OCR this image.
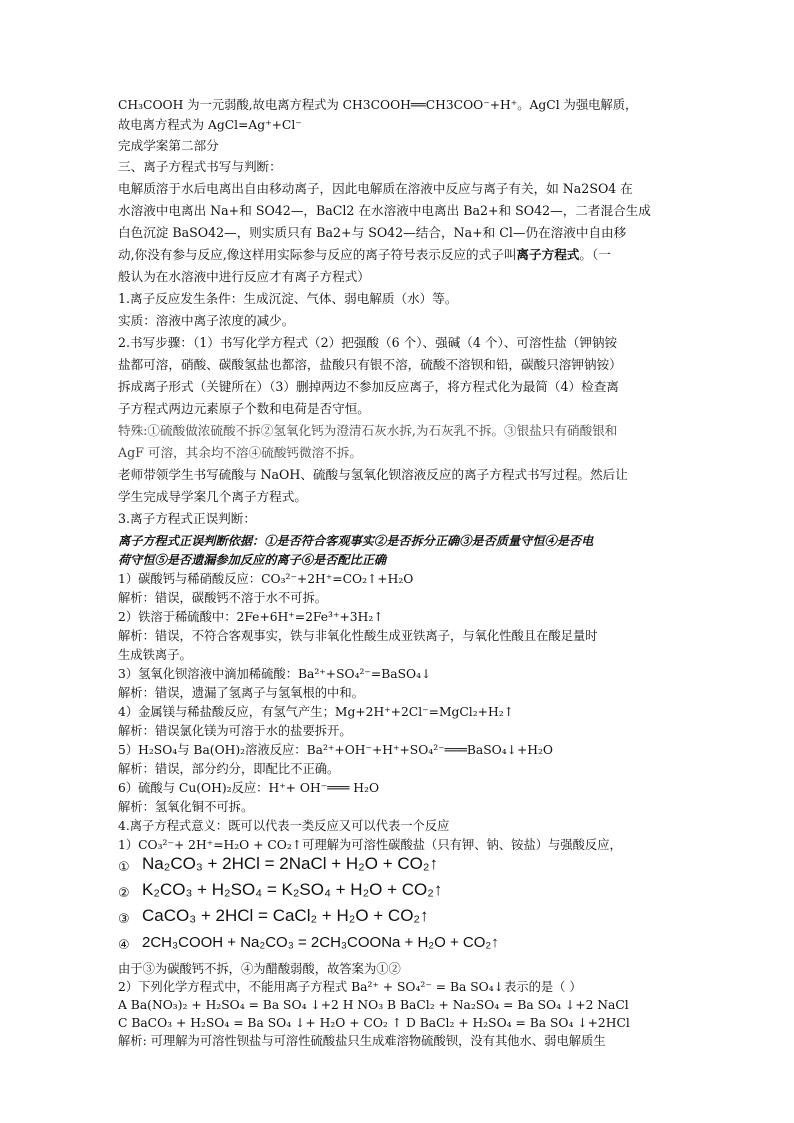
CH₃COOH 为一元弱酸,故电离方程式为 CH3COOH══CH3COO⁻+H⁺。AgCl 为强电解质，
故电离方程式为 AgCl=Ag⁺+Cl⁻
完成学案第二部分
三、离子方程式书写与判断：
电解质溶于水后电离出自由移动离子，因此电解质在溶液中反应与离子有关，如 Na2SO4 在
水溶液中电离出 Na+和 SO42—，BaCl2 在水溶液中电离出 Ba2+和 SO42—，二者混合生成
白色沉淀 BaSO42—，则实质只有 Ba2+与 SO42—结合，Na+和 Cl—仍在溶液中自由移
动,你没有参与反应,像这样用实际参与反应的离子符号表示反应的式子叫离子方程式。（一
般认为在水溶液中进行反应才有离子方程式）
1.离子反应发生条件：生成沉淀、气体、弱电解质（水）等。
实质：溶液中离子浓度的减少。
2.书写步骤：（1）书写化学方程式（2）把强酸（6 个）、强碱（4 个）、可溶性盐（钾钠铵
盐都可溶，硝酸、碳酸氢盐也都溶，盐酸只有银不溶，硫酸不溶钡和铅，碳酸只溶钾钠铵）
拆成离子形式（关键所在）（3）删掉两边不参加反应离子，将方程式化为最简（4）检查离
子方程式两边元素原子个数和电荷是否守恒。
特殊:①硫酸做浓硫酸不拆②氢氧化钙为澄清石灰水拆,为石灰乳不拆。③银盐只有硝酸银和
AgF 可溶，其余均不溶④硫酸钙微溶不拆。
老师带领学生书写硫酸与 NaOH、硫酸与氢氧化钡溶液反应的离子方程式书写过程。然后让
学生完成导学案几个离子方程式。
3.离子方程式正误判断：
离子方程式正误判断依据：①是否符合客观事实②是否拆分正确③是否质量守恒④是否电
荷守恒⑤是否遗漏参加反应的离子⑥是否配比正确
1）碳酸钙与稀硝酸反应：CO₃²⁻+2H⁺=CO₂↑+H₂O
解析：错误，碳酸钙不溶于水不可拆。
2）铁溶于稀硫酸中：2Fe+6H⁺=2Fe³⁺+3H₂↑
解析：错误，不符合客观事实，铁与非氧化性酸生成亚铁离子，与氧化性酸且在酸足量时
生成铁离子。
3）氢氧化钡溶液中滴加稀硫酸：Ba²⁺+SO₄²⁻=BaSO₄↓
解析：错误，遗漏了氢离子与氢氧根的中和。
4）金属镁与稀盐酸反应，有氢气产生；Mg+2H⁺+2Cl⁻=MgCl₂+H₂↑
解析：错误氯化镁为可溶于水的盐要拆开。
5）H₂SO₄与 Ba(OH)₂溶液反应：Ba²⁺+OH⁻+H⁺+SO₄²⁻═══BaSO₄↓+H₂O
解析：错误，部分约分，即配比不正确。
6）硫酸与 Cu(OH)₂反应：H⁺+ OH⁻═══ H₂O
解析：氢氧化铜不可拆。
4.离子方程式意义：既可以代表一类反应又可以代表一个反应
1）CO₃²⁻+ 2H⁺=H₂O + CO₂↑可理解为可溶性碳酸盐（只有钾、钠、铵盐）与强酸反应，
① Na₂CO₃ + 2HCl = 2NaCl + H₂O + CO₂↑
② K₂CO₃ + H₂SO₄ = K₂SO₄ + H₂O + CO₂↑
③ CaCO₃ + 2HCl = CaCl₂ + H₂O + CO₂↑
④ 2CH₃COOH + Na₂CO₃ = 2CH₃COONa + H₂O + CO₂↑
由于③为碳酸钙不拆，④为醋酸弱酸，故答案为①②
2）下列化学方程式中，不能用离子方程式 Ba²⁺ + SO₄²⁻ = Ba SO₄↓表示的是（ ）
A Ba(NO₃)₂ + H₂SO₄ = Ba SO₄ ↓+2 H NO₃ B BaCl₂ + Na₂SO₄ = Ba SO₄ ↓+2 NaCl
C BaCO₃ + H₂SO₄ = Ba SO₄ ↓+ H₂O + CO₂ ↑ D BaCl₂ + H₂SO₄ = Ba SO₄ ↓+2HCl
解析: 可理解为可溶性钡盐与可溶性硫酸盐只生成难溶物硫酸钡，没有其他水、弱电解质生
